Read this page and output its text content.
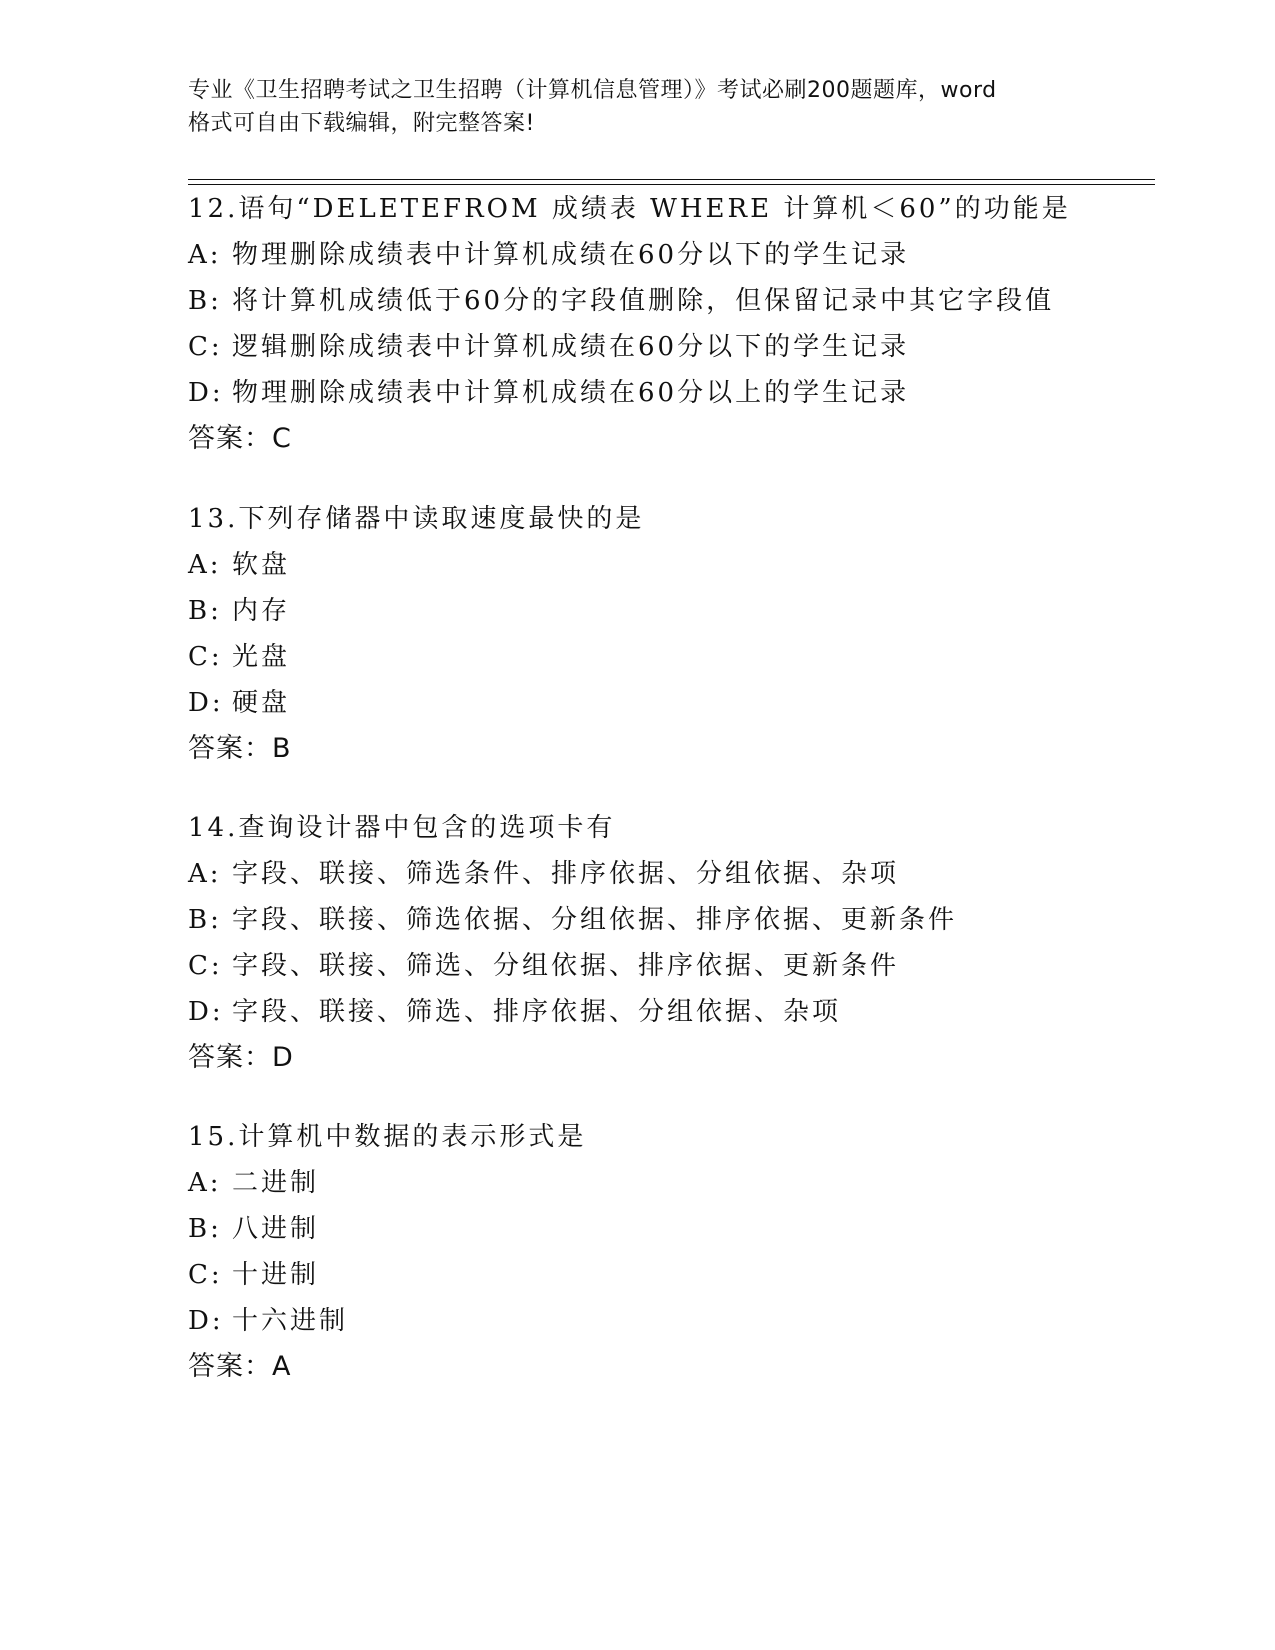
专业《卫生招聘考试之卫生招聘（计算机信息管理）》考试必刷200题题库，word
格式可自由下载编辑，附完整答案!
12.语句“DELETEFROM 成绩表 WHERE 计算机＜60”的功能是
A: 物理删除成绩表中计算机成绩在60分以下的学生记录
B: 将计算机成绩低于60分的字段值删除，但保留记录中其它字段值
C: 逻辑删除成绩表中计算机成绩在60分以下的学生记录
D: 物理删除成绩表中计算机成绩在60分以上的学生记录
答案：C
13.下列存储器中读取速度最快的是
A: 软盘
B: 内存
C: 光盘
D: 硬盘
答案：B
14.查询设计器中包含的选项卡有
A: 字段、联接、筛选条件、排序依据、分组依据、杂项
B: 字段、联接、筛选依据、分组依据、排序依据、更新条件
C: 字段、联接、筛选、分组依据、排序依据、更新条件
D: 字段、联接、筛选、排序依据、分组依据、杂项
答案：D
15.计算机中数据的表示形式是
A: 二进制
B: 八进制
C: 十进制
D: 十六进制
答案：A
